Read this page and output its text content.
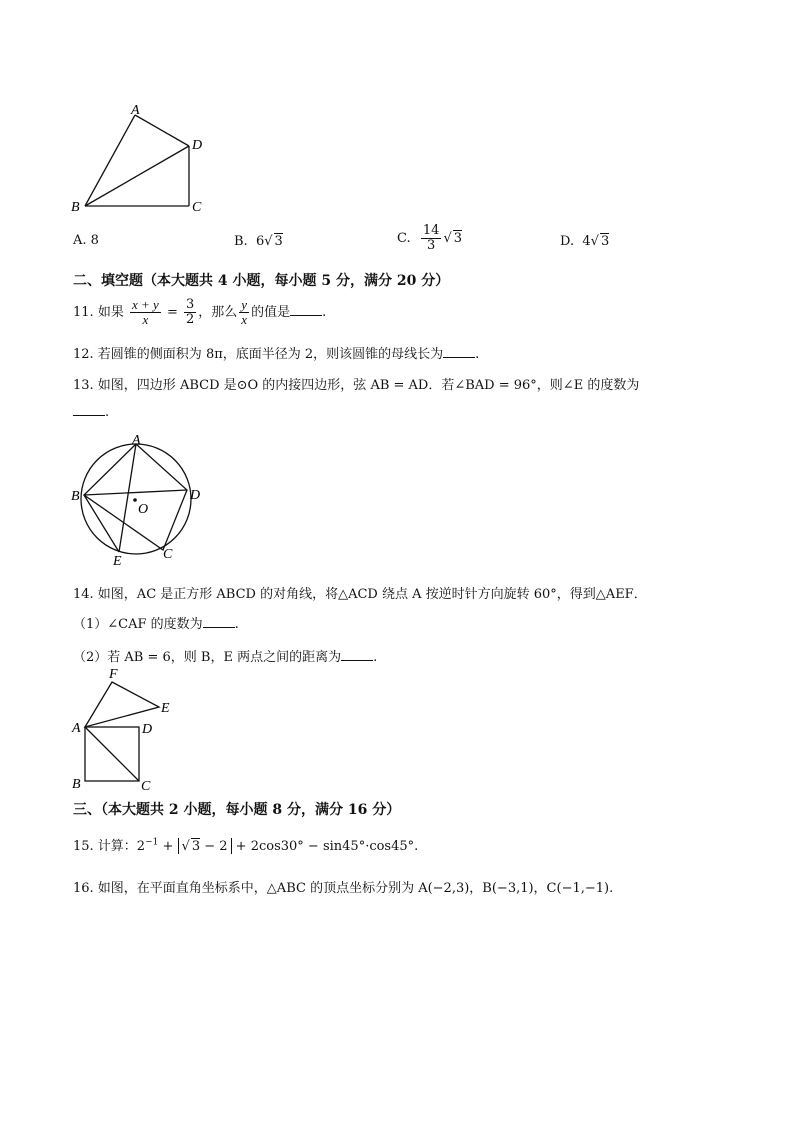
A
D
B	C
A. 8	B. 6√ 3	C. $\frac{14}{3}$ √ 3	D. 4√ 3
二、填空题（本大题共 4 小题，每小题 5 分，满分 20 分）
11. 如果 $\frac{x + y}{x} = \frac{3}{2}$ ，那么 $\frac{y}{x}$ 的值是 .
12. 若圆锥的侧面积为 8π，底面半径为 2，则该圆锥的母线长为 .
13. 如图，四边形 ABCD 是⊙O 的内接四边形，弦 AB = AD．若∠BAD = 96°，则∠E 的度数为
.
A
B	D
O
E	C
14. 如图，AC 是正方形 ABCD 的对角线，将△ACD 绕点 A 按逆时针方向旋转 60°，得到△AEF．
（1）∠CAF 的度数为 .
（2）若 AB = 6，则 B，E 两点之间的距离为 .
F
E
A	D
B	C
三、（本大题共 2 小题，每小题 8 分，满分 16 分）
15. 计算：$2^{-1}$ + √ 3 − 2 + 2cos30° − sin45°·cos45°.
16. 如图，在平面直角坐标系中，△ABC 的顶点坐标分别为 A(−2,3)，B(−3,1)，C(−1,−1).
